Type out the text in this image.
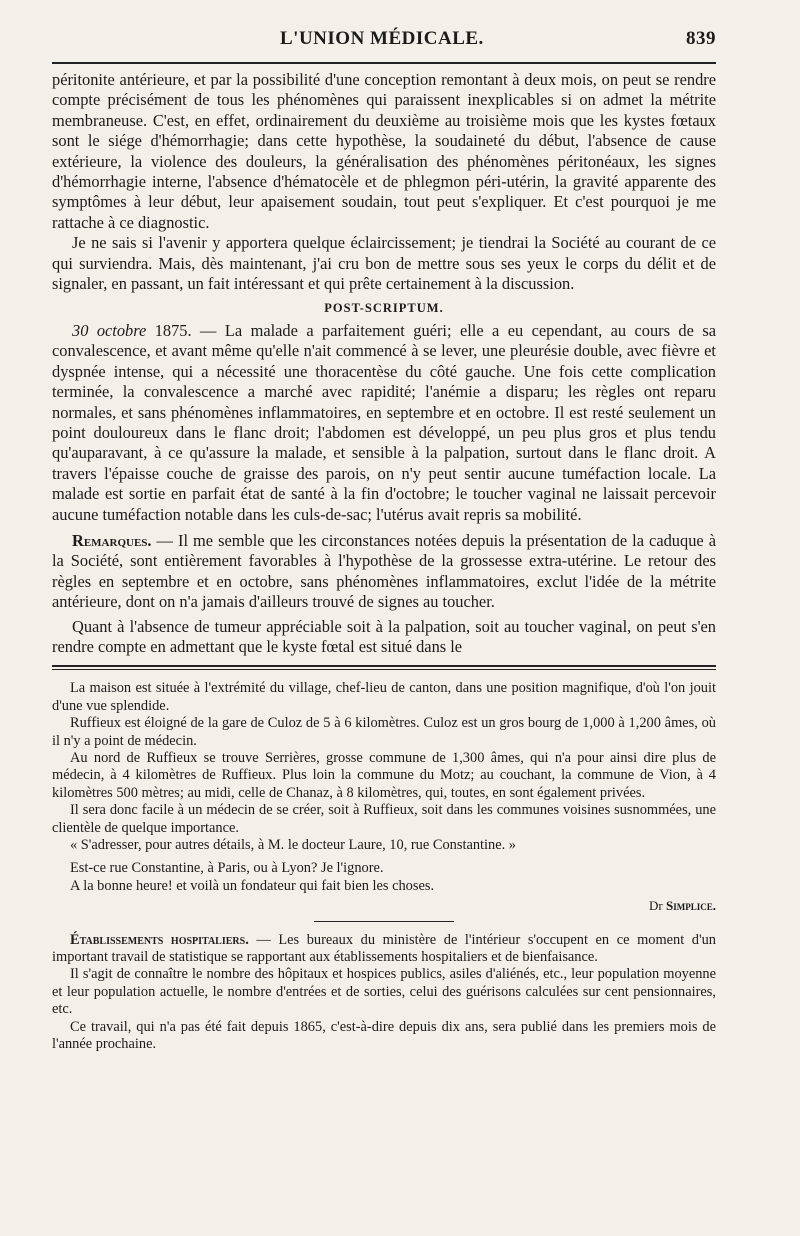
L'UNION MÉDICALE.	839

péritonite antérieure, et par la possibilité d'une conception remontant à deux mois, on peut se rendre compte précisément de tous les phénomènes qui paraissent inexplicables si on admet la métrite membraneuse. C'est, en effet, ordinairement du deuxième au troisième mois que les kystes fœtaux sont le siége d'hémorrhagie; dans cette hypothèse, la soudaineté du début, l'absence de cause extérieure, la violence des douleurs, la généralisation des phénomènes péritonéaux, les signes d'hémorrhagie interne, l'absence d'hématocèle et de phlegmon péri-utérin, la gravité apparente des symptômes à leur début, leur apaisement soudain, tout peut s'expliquer. Et c'est pourquoi je me rattache à ce diagnostic.

Je ne sais si l'avenir y apportera quelque éclaircissement; je tiendrai la Société au courant de ce qui surviendra. Mais, dès maintenant, j'ai cru bon de mettre sous ses yeux le corps du délit et de signaler, en passant, un fait intéressant et qui prête certainement à la discussion.

POST-SCRIPTUM.

30 octobre 1875. — La malade a parfaitement guéri; elle a eu cependant, au cours de sa convalescence, et avant même qu'elle n'ait commencé à se lever, une pleurésie double, avec fièvre et dyspnée intense, qui a nécessité une thoracentèse du côté gauche. Une fois cette complication terminée, la convalescence a marché avec rapidité; l'anémie a disparu; les règles ont reparu normales, et sans phénomènes inflammatoires, en septembre et en octobre. Il est resté seulement un point douloureux dans le flanc droit; l'abdomen est développé, un peu plus gros et plus tendu qu'auparavant, à ce qu'assure la malade, et sensible à la palpation, surtout dans le flanc droit. A travers l'épaisse couche de graisse des parois, on n'y peut sentir aucune tuméfaction locale. La malade est sortie en parfait état de santé à la fin d'octobre; le toucher vaginal ne laissait percevoir aucune tuméfaction notable dans les culs-de-sac; l'utérus avait repris sa mobilité.

Remarques. — Il me semble que les circonstances notées depuis la présentation de la caduque à la Société, sont entièrement favorables à l'hypothèse de la grossesse extra-utérine. Le retour des règles en septembre et en octobre, sans phénomènes inflammatoires, exclut l'idée de la métrite antérieure, dont on n'a jamais d'ailleurs trouvé de signes au toucher.

Quant à l'absence de tumeur appréciable soit à la palpation, soit au toucher vaginal, on peut s'en rendre compte en admettant que le kyste fœtal est situé dans le

La maison est située à l'extrémité du village, chef-lieu de canton, dans une position magnifique, d'où l'on jouit d'une vue splendide.

Ruffieux est éloigné de la gare de Culoz de 5 à 6 kilomètres. Culoz est un gros bourg de 1,000 à 1,200 âmes, où il n'y a point de médecin.

Au nord de Ruffieux se trouve Serrières, grosse commune de 1,300 âmes, qui n'a pour ainsi dire plus de médecin, à 4 kilomètres de Ruffieux. Plus loin la commune du Motz; au couchant, la commune de Vion, à 4 kilomètres 500 mètres; au midi, celle de Chanaz, à 8 kilomètres, qui, toutes, en sont également privées.

Il sera donc facile à un médecin de se créer, soit à Ruffieux, soit dans les communes voisines susnommées, une clientèle de quelque importance.

« S'adresser, pour autres détails, à M. le docteur Laure, 10, rue Constantine. »

Est-ce rue Constantine, à Paris, ou à Lyon? Je l'ignore.

A la bonne heure! et voilà un fondateur qui fait bien les choses.

Dr Simplice.

Établissements hospitaliers. — Les bureaux du ministère de l'intérieur s'occupent en ce moment d'un important travail de statistique se rapportant aux établissements hospitaliers et de bienfaisance.

Il s'agit de connaître le nombre des hôpitaux et hospices publics, asiles d'aliénés, etc., leur population moyenne et leur population actuelle, le nombre d'entrées et de sorties, celui des guérisons calculées sur cent pensionnaires, etc.

Ce travail, qui n'a pas été fait depuis 1865, c'est-à-dire depuis dix ans, sera publié dans les premiers mois de l'année prochaine.
